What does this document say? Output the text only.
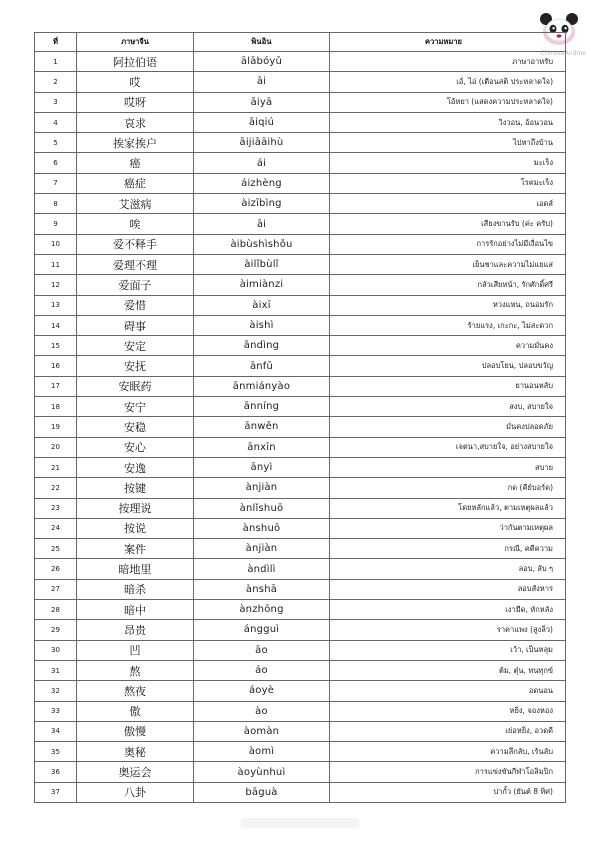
ChineseAndme
ที่	ภาษาจีน	พินอิน	ความหมาย
1	阿拉伯语	ālābóyǔ	ภาษาอาหรับ
2	哎	āi	เอ้, ไอ่ (เตือนสติ ประหลาดใจ)
3	哎呀	āiyā	โอ้หยา (แสดงความประหลาดใจ)
4	哀求	āiqiú	วิงวอน, อ้อนวอน
5	挨家挨户	āijiāāihù	ไปหาถึงบ้าน
6	癌	ái	มะเร็ง
7	癌症	áizhèng	โรคมะเร็ง
8	艾滋病	àizībìng	เอดส์
9	唉	āi	เสียงขานรับ (ค่ะ ครับ)
10	爱不释手	àibùshìshǒu	การรักอย่างไม่มีเงื่อนไข
11	爱理不理	àilǐbùlǐ	เย็นชาและความไม่แยแส
12	爱面子	àimiànzi	กลัวเสียหน้า, รักศักดิ์ศรี
13	爱惜	àixī	หวงแหน, ถนอมรัก
14	碍事	àishì	ร้ายแรง, เกะกะ, ไม่สะดวก
15	安定	āndìng	ความมั่นคง
16	安抚	ānfǔ	ปลอบโยน, ปลอบขวัญ
17	安眠药	ānmiányào	ยานอนหลับ
18	安宁	ānníng	สงบ, สบายใจ
19	安稳	ānwěn	มั่นคงปลอดภัย
20	安心	ānxīn	เจตนา,สบายใจ, อย่างสบายใจ
21	安逸	ānyì	สบาย
22	按键	ànjiàn	กด (คีย์บอร์ด)
23	按理说	ànlǐshuō	โดยหลักแล้ว, ตามเหตุผลแล้ว
24	按说	ànshuō	ว่ากันตามเหตุผล
25	案件	ànjiàn	กรณี, คดีความ
26	暗地里	àndìlì	ลอบ, ลับ ๆ
27	暗杀	ànshā	ลอบสังหาร
28	暗中	ànzhōng	เงามืด, หักหลัง
29	昂贵	ángguì	ราคาแพง (สูงลิ่ว)
30	凹	āo	เว้า, เป็นหลุม
31	熬	áo	ต้ม, ตุ๋น, ทนทุกข์
32	熬夜	áoyè	อดนอน
33	傲	ào	หยิ่ง, จองหอง
34	傲慢	àomàn	เย่อหยิ่ง, อวดดี
35	奥秘	àomì	ความลึกลับ, เร้นลับ
36	奥运会	àoyùnhuì	การแข่งขันกีฬาโอลิมปิก
37	八卦	bāguà	ปากั้ว (ยันต์ 8 ทิศ)
